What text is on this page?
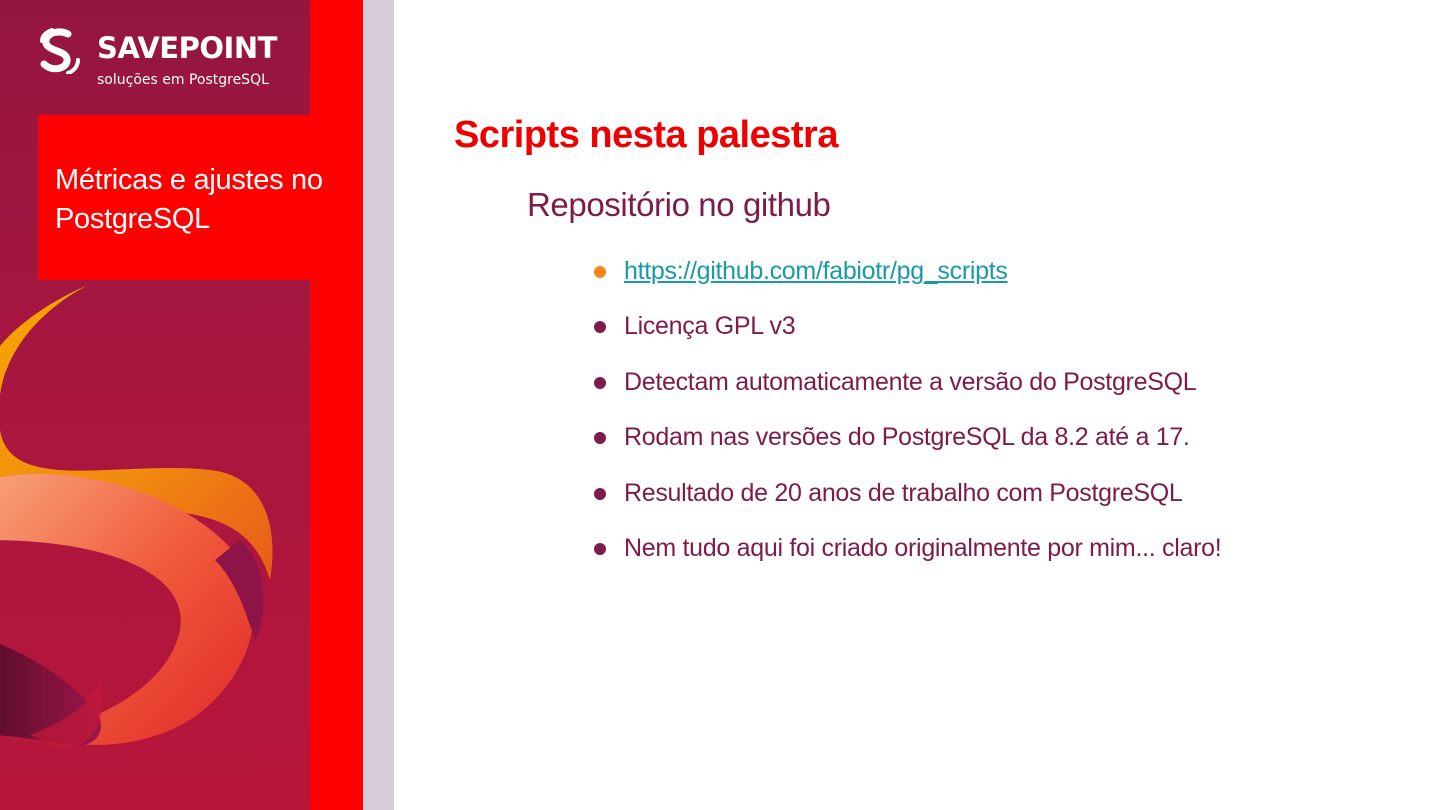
SAVEPOINT
soluções em PostgreSQL

Métricas e ajustes no PostgreSQL

Scripts nesta palestra
Repositório no github
https://github.com/fabiotr/pg_scripts
Licença GPL v3
Detectam automaticamente a versão do PostgreSQL
Rodam nas versões do PostgreSQL da 8.2 até a 17.
Resultado de 20 anos de trabalho com PostgreSQL
Nem tudo aqui foi criado originalmente por mim... claro!
